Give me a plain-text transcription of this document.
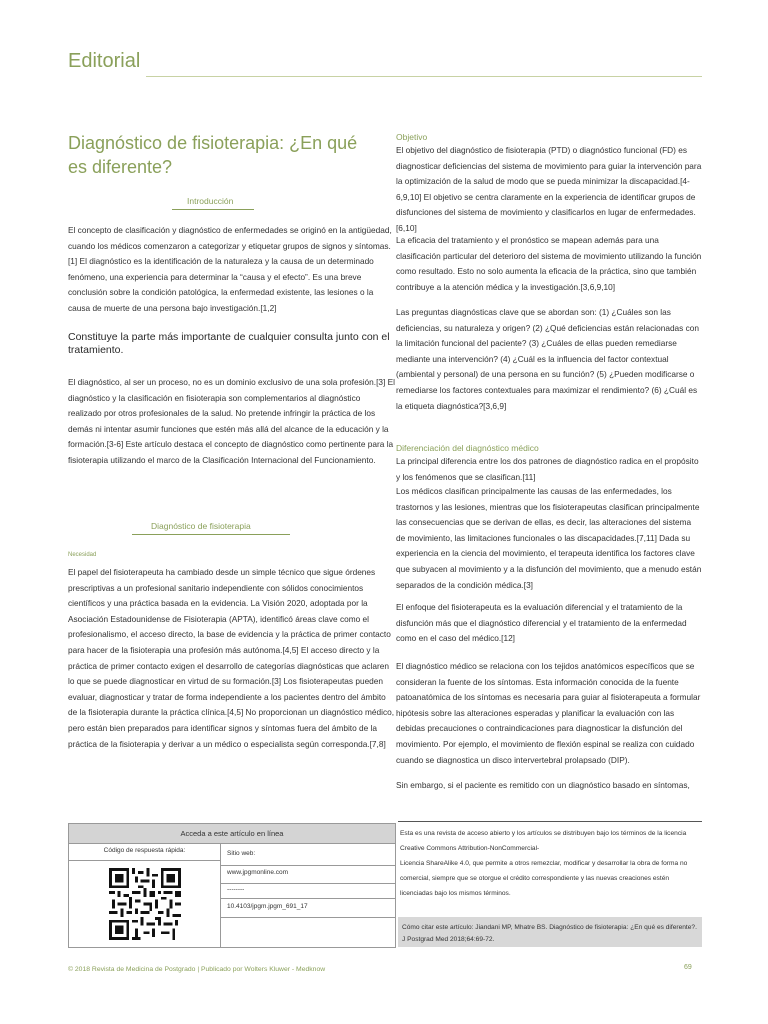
Editorial
Diagnóstico de fisioterapia: ¿En qué es diferente?
Introducción

El concepto de clasificación y diagnóstico de enfermedades se originó en la antigüedad, cuando los médicos comenzaron a categorizar y etiquetar grupos de signos y síntomas.[1] El diagnóstico es la identificación de la naturaleza y la causa de un determinado fenómeno, una experiencia para determinar la “causa y el efecto”. Es una breve conclusión sobre la condición patológica, la enfermedad existente, las lesiones o la causa de muerte de una persona bajo investigación.[1,2]

Constituye la parte más importante de cualquier consulta junto con el tratamiento.

El diagnóstico, al ser un proceso, no es un dominio exclusivo de una sola profesión.[3] El diagnóstico y la clasificación en fisioterapia son complementarios al diagnóstico realizado por otros profesionales de la salud. No pretende infringir la práctica de los demás ni intentar asumir funciones que estén más allá del alcance de la educación y la formación.[3-6] Este artículo destaca el concepto de diagnóstico como pertinente para la fisioterapia utilizando el marco de la Clasificación Internacional del Funcionamiento.

Diagnóstico de fisioterapia
Necesidad

El papel del fisioterapeuta ha cambiado desde un simple técnico que sigue órdenes prescriptivas a un profesional sanitario independiente con sólidos conocimientos científicos y una práctica basada en la evidencia. La Visión 2020, adoptada por la Asociación Estadounidense de Fisioterapia (APTA), identificó áreas clave como el profesionalismo, el acceso directo, la base de evidencia y la práctica de primer contacto para hacer de la fisioterapia una profesión más autónoma.[4,5] El acceso directo y la práctica de primer contacto exigen el desarrollo de categorías diagnósticas que aclaren lo que se puede diagnosticar en virtud de su formación.[3] Los fisioterapeutas pueden evaluar, diagnosticar y tratar de forma independiente a los pacientes dentro del ámbito de la fisioterapia durante la práctica clínica.[4,5] No proporcionan un diagnóstico médico, pero están bien preparados para identificar signos y síntomas fuera del ámbito de la práctica de la fisioterapia y derivar a un médico o especialista según corresponda.[7,8]

Objetivo

El objetivo del diagnóstico de fisioterapia (PTD) o diagnóstico funcional (FD) es diagnosticar deficiencias del sistema de movimiento para guiar la intervención para la optimización de la salud de modo que se pueda minimizar la discapacidad.[4-6,9,10] El objetivo se centra claramente en la experiencia de identificar grupos de disfunciones del sistema de movimiento y clasificarlos en lugar de enfermedades.[6,10]

La eficacia del tratamiento y el pronóstico se mapean además para una clasificación particular del deterioro del sistema de movimiento utilizando la función como resultado. Esto no solo aumenta la eficacia de la práctica, sino que también contribuye a la atención médica y la investigación.[3,6,9,10]

Las preguntas diagnósticas clave que se abordan son: (1) ¿Cuáles son las deficiencias, su naturaleza y origen? (2) ¿Qué deficiencias están relacionadas con la limitación funcional del paciente? (3) ¿Cuáles de ellas pueden remediarse mediante una intervención? (4) ¿Cuál es la influencia del factor contextual (ambiental y personal) de una persona en su función? (5) ¿Pueden modificarse o remediarse los factores contextuales para maximizar el rendimiento? (6) ¿Cuál es la etiqueta diagnóstica?[3,6,9]

Diferenciación del diagnóstico médico

La principal diferencia entre los dos patrones de diagnóstico radica en el propósito y los fenómenos que se clasifican.[11]

Los médicos clasifican principalmente las causas de las enfermedades, los trastornos y las lesiones, mientras que los fisioterapeutas clasifican principalmente las consecuencias que se derivan de ellas, es decir, las alteraciones del sistema de movimiento, las limitaciones funcionales o las discapacidades.[7,11] Dada su experiencia en la ciencia del movimiento, el terapeuta identifica los factores clave que subyacen al movimiento y a la disfunción del movimiento, que a menudo están separados de la condición médica.[3]

El enfoque del fisioterapeuta es la evaluación diferencial y el tratamiento de la disfunción más que el diagnóstico diferencial y el tratamiento de la enfermedad como en el caso del médico.[12]

El diagnóstico médico se relaciona con los tejidos anatómicos específicos que se consideran la fuente de los síntomas. Esta información conocida de la fuente patoanatómica de los síntomas es necesaria para guiar al fisioterapeuta a formular hipótesis sobre las alteraciones esperadas y planificar la evaluación con las debidas precauciones o contraindicaciones para diagnosticar la disfunción del movimiento. Por ejemplo, el movimiento de flexión espinal se realiza con cuidado cuando se diagnostica un disco intervertebral prolapsado (DIP).

Sin embargo, si el paciente es remitido con un diagnóstico basado en síntomas,

Acceda a este artículo en línea
Código de respuesta rápida:	Sitio web:
www.jpgmonline.com
--------
10.4103/jpgm.jpgm_691_17

Esta es una revista de acceso abierto y los artículos se distribuyen bajo los términos de la licencia Creative Commons Attribution-NonCommercial-

Licencia ShareAlike 4.0, que permite a otros remezclar, modificar y desarrollar la obra de forma no comercial, siempre que se otorgue el crédito correspondiente y las nuevas creaciones estén licenciadas bajo los mismos términos.

Cómo citar este artículo: Jiandani MP, Mhatre BS. Diagnóstico de fisioterapia: ¿En qué es diferente?. J Postgrad Med 2018;64:69-72.
© 2018 Revista de Medicina de Postgrado | Publicado por Wolters Kluwer - Medknow	69
